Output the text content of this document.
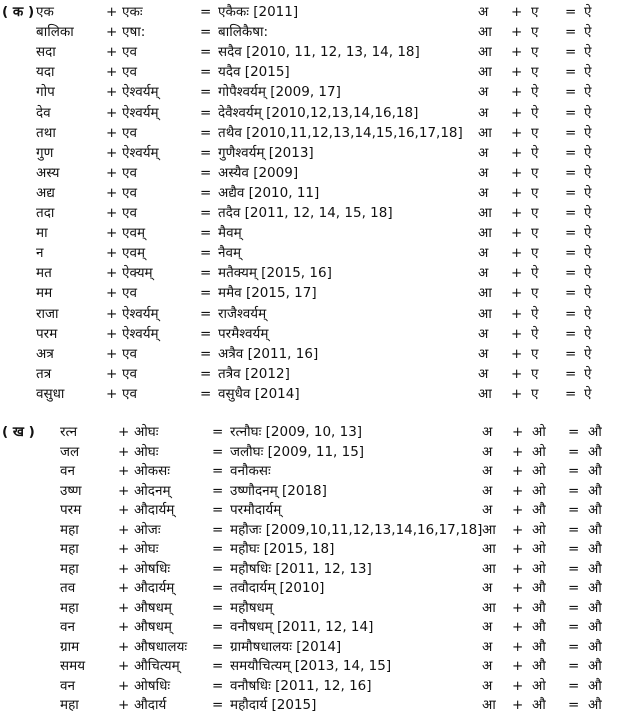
( क ) एक	+ एकः	= एकैकः [2011]	अ + ए = ऐ
बालिका + एषा:	= बालिकैषा:	आ + ए = ऐ
सदा	+ एव	= सदैव [2010, 11, 12, 13, 14, 18]	आ + ए = ऐ
यदा	+ एव	= यदैव [2015]	आ + ए = ऐ
गोप	+ ऐश्वर्यम्	= गोपैश्वर्यम् [2009, 17]	अ + ऐ = ऐ
देव	+ ऐश्वर्यम्	= देवैश्वर्यम् [2010,12,13,14,16,18]	अ + ऐ = ऐ
तथा	+ एव	= तथैव [2010,11,12,13,14,15,16,17,18] आ + ए = ऐ
गुण	+ ऐश्वर्यम्	= गुणैश्वर्यम् [2013]	अ + ऐ = ऐ
अस्य	+ एव	= अस्यैव [2009]	अ + ए = ऐ
अद्य	+ एव	= अद्यैव [2010, 11]	अ + ए = ऐ
तदा	+ एव	= तदैव [2011, 12, 14, 15, 18]	आ + ए = ऐ
मा	+ एवम्	= मैवम्	आ + ए = ऐ
न	+ एवम्	= नैवम्	अ + ए = ऐ
मत	+ ऐक्यम्	= मतैक्यम् [2015, 16]	अ + ऐ = ऐ
मम	+ एव	= ममैव [2015, 17]	आ + ए = ऐ
राजा	+ ऐश्वर्यम्	= राजैश्वर्यम्	आ + ऐ = ऐ
परम	+ ऐश्वर्यम्	= परमैश्वर्यम्	अ + ऐ = ऐ
अत्र	+ एव	= अत्रैव [2011, 16]	अ + ए = ऐ
तत्र	+ एव	= तत्रैव [2012]	अ + ए = ऐ
वसुधा	+ एव	= वसुधैव [2014]	आ + ए = ऐ
( ख ) रत्न	+ ओघः	= रत्नौघः [2009, 10, 13]	अ + ओ = औ
जल	+ ओघः	= जलौघः [2009, 11, 15]	अ + ओ = औ
वन	+ ओकसः	= वनौकसः	अ + ओ = औ
उष्ण	+ ओदनम्	= उष्णौदनम् [2018]	अ + ओ = औ
परम	+ औदार्यम्	= परमौदार्यम्	अ + औ = औ
महा	+ ओजः	= महौजः [2009,10,11,12,13,14,16,17,18] आ + ओ = औ
महा	+ ओघः	= महौघः [2015, 18]	आ + ओ = औ
महा	+ ओषधिः	= महौषधिः [2011, 12, 13]	आ + ओ = औ
तव	+ औदार्यम्	= तवौदार्यम् [2010]	अ + औ = औ
महा	+ औषधम्	= महौषधम्	आ + औ = औ
वन	+ औषधम्	= वनौषधम् [2011, 12, 14]	अ + औ = औ
ग्राम	+ औषधालयः = ग्रामौषधालयः [2014]	अ + औ = औ
समय + औचित्यम् = समयौचित्यम् [2013, 14, 15]	अ + औ = औ
वन	+ ओषधिः	= वनौषधिः [2011, 12, 16]	अ + ओ = औ
महा	+ औदार्य	= महौदार्य [2015]	आ + औ = औ
